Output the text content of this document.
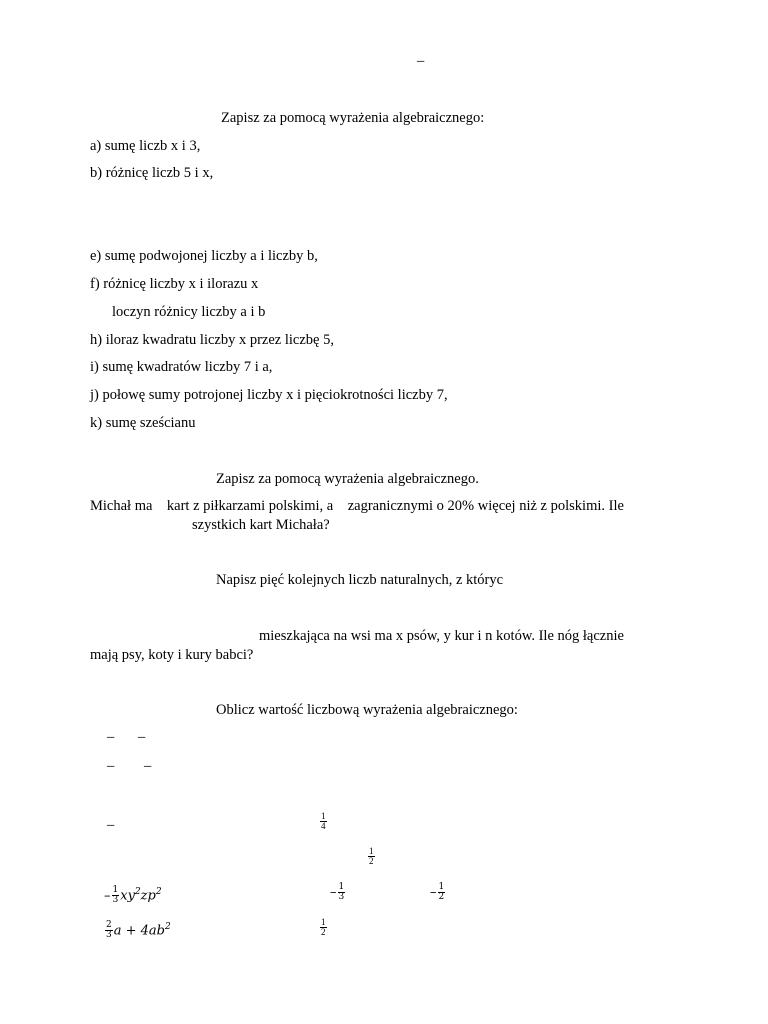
–
Zapisz za pomocą wyrażenia algebraicznego:
a) sumę liczb x i 3,
b) różnicę liczb 5 i x,
e) sumę podwojonej liczby a i liczby b,
f) różnicę liczby x i ilorazu x
loczyn różnicy liczby a i b
h) iloraz kwadratu liczby x przez liczbę 5,
i) sumę kwadratów liczby 7 i a,
j) połowę sumy potrojonej liczby x i pięciokrotności liczby 7,
k) sumę sześcianu
Zapisz za pomocą wyrażenia algebraicznego.
Michał ma    kart z piłkarzami polskimi, a    zagranicznymi o 20% więcej niż z polskimi. Ile
szystkich kart Michała?
Napisz pięć kolejnych liczb naturalnych, z któryc
mieszkająca na wsi ma x psów, y kur i n kotów. Ile nóg łącznie
mają psy, koty i kury babci?
Oblicz wartość liczbową wyrażenia algebraicznego:
– –
– –
–	$\frac{1}{4}$
$\frac{1}{2}$
– $\frac{1}{3} xy^2zp^2$	– $\frac{1}{3}$	– $\frac{1}{2}$
$\frac{2}{3}$ $a + 4ab^2$	$\frac{1}{2}$
